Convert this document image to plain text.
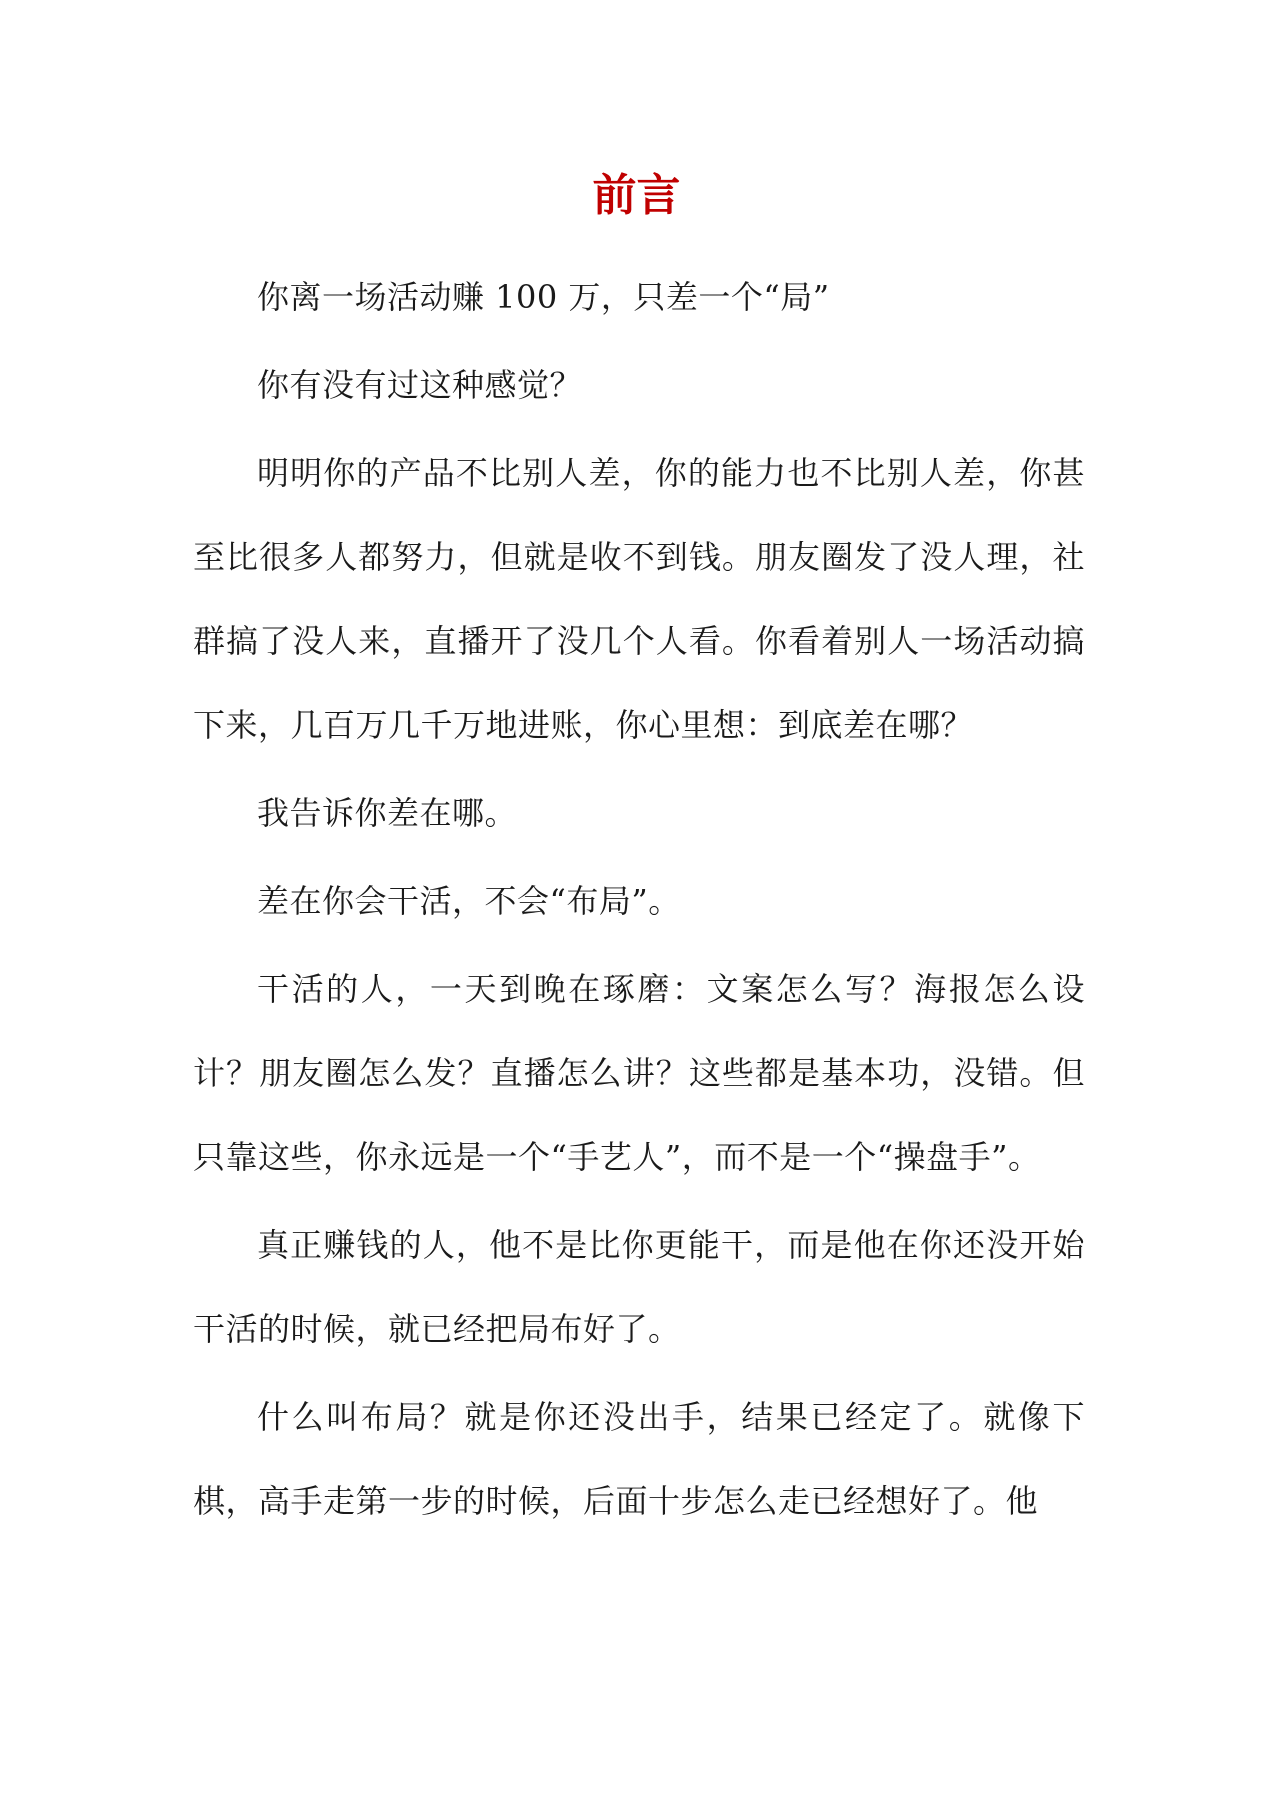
前言

你离一场活动赚 100 万，只差一个“局”

你有没有过这种感觉？

明明你的产品不比别人差，你的能力也不比别人差，你甚至比很多人都努力，但就是收不到钱。朋友圈发了没人理，社群搞了没人来，直播开了没几个人看。你看着别人一场活动搞下来，几百万几千万地进账，你心里想：到底差在哪？

我告诉你差在哪。

差在你会干活，不会“布局”。

干活的人，一天到晚在琢磨：文案怎么写？海报怎么设计？朋友圈怎么发？直播怎么讲？这些都是基本功，没错。但只靠这些，你永远是一个“手艺人”，而不是一个“操盘手”。

真正赚钱的人，他不是比你更能干，而是他在你还没开始干活的时候，就已经把局布好了。

什么叫布局？就是你还没出手，结果已经定了。就像下棋，高手走第一步的时候，后面十步怎么走已经想好了。他
